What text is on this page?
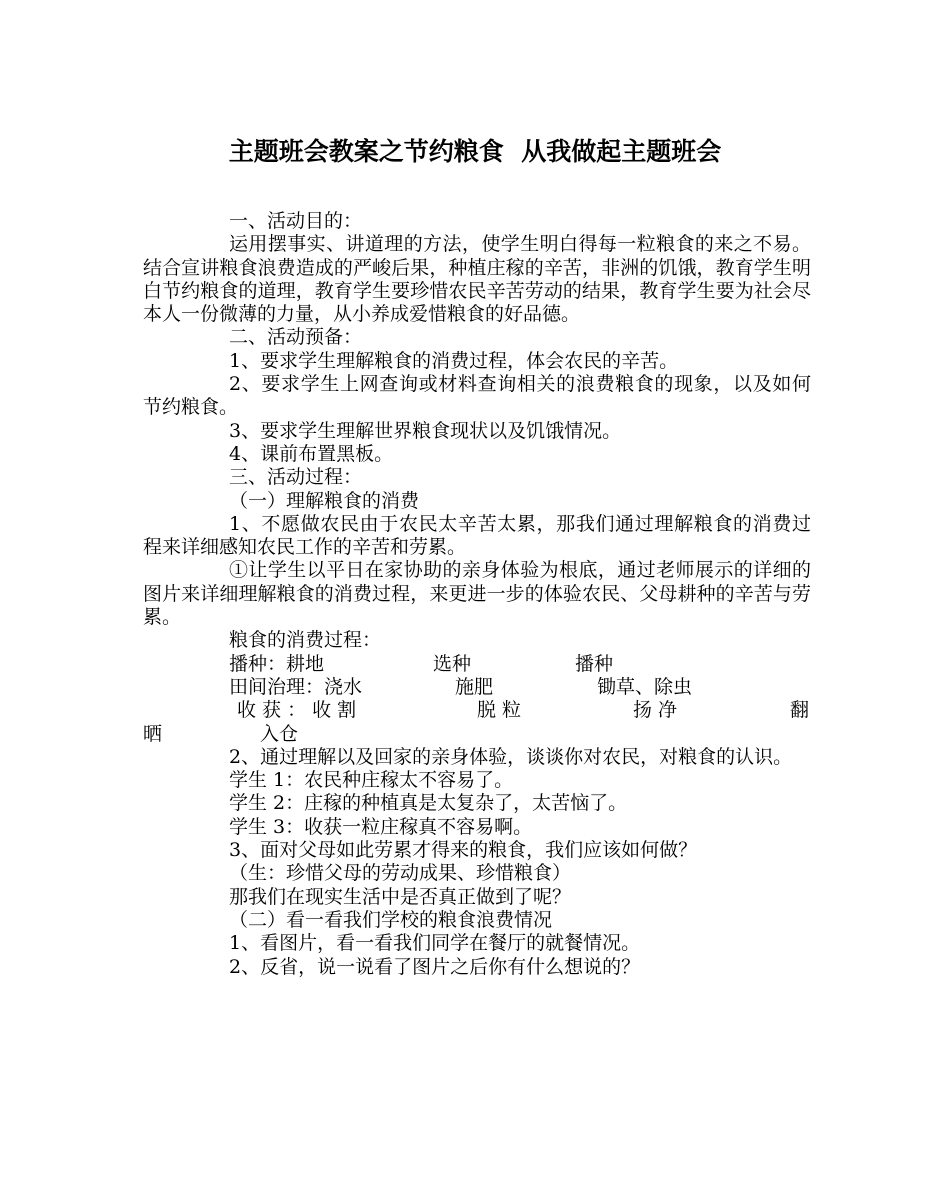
主题班会教案之节约粮食  从我做起主题班会

一、活动目的：

运用摆事实、讲道理的方法，使学生明白得每一粒粮食的来之不易。结合宣讲粮食浪费造成的严峻后果，种植庄稼的辛苦，非洲的饥饿，教育学生明白节约粮食的道理，教育学生要珍惜农民辛苦劳动的结果，教育学生要为社会尽本人一份微薄的力量，从小养成爱惜粮食的好品德。

二、活动预备：

1、要求学生理解粮食的消费过程，体会农民的辛苦。

2、要求学生上网查询或材料查询相关的浪费粮食的现象，以及如何节约粮食。

3、要求学生理解世界粮食现状以及饥饿情况。

4、课前布置黑板。

三、活动过程：

（一）理解粮食的消费

1、不愿做农民由于农民太辛苦太累，那我们通过理解粮食的消费过程来详细感知农民工作的辛苦和劳累。

①让学生以平日在家协助的亲身体验为根底，通过老师展示的详细的图片来详细理解粮食的消费过程，来更进一步的体验农民、父母耕种的辛苦与劳累。

粮食的消费过程：

播种：耕地	选种	播种
田间治理：浇水	施肥	锄草、除虫
收 获 ： 收 割	脱 粒	扬 净	翻
晒	入仓

2、通过理解以及回家的亲身体验，谈谈你对农民，对粮食的认识。

学生 1：农民种庄稼太不容易了。

学生 2：庄稼的种植真是太复杂了，太苦恼了。

学生 3：收获一粒庄稼真不容易啊。

3、面对父母如此劳累才得来的粮食，我们应该如何做？

（生：珍惜父母的劳动成果、珍惜粮食）

那我们在现实生活中是否真正做到了呢？

（二）看一看我们学校的粮食浪费情况

1、看图片，看一看我们同学在餐厅的就餐情况。

2、反省，说一说看了图片之后你有什么想说的？
